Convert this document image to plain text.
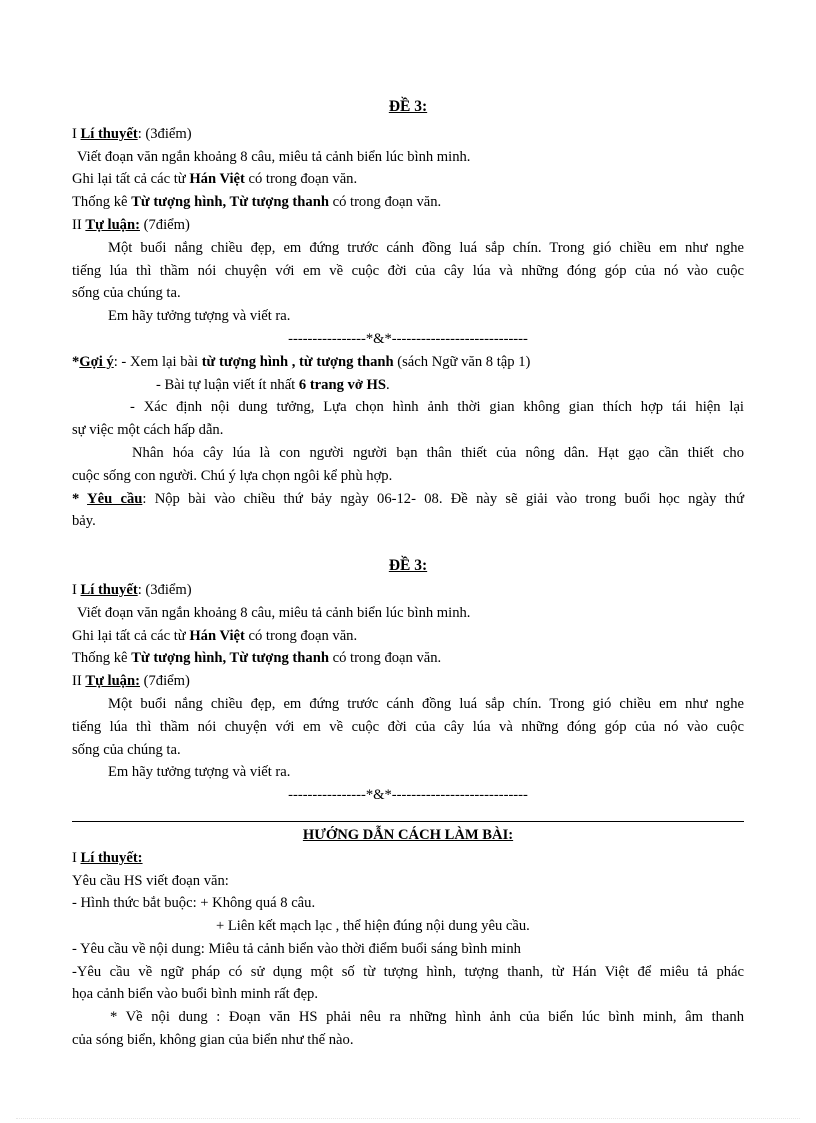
ĐỀ 3:
I Lí thuyết: (3điểm)
Viết đoạn văn ngắn khoảng 8 câu, miêu tả cảnh biển lúc bình minh.
Ghi lại tất cả các từ Hán Việt có trong đoạn văn.
Thống kê Từ tượng hình, Từ tượng thanh có trong đoạn văn.
II Tự luận: (7điểm)
Một buổi nắng chiều đẹp, em đứng trước cánh đồng luá sắp chín. Trong gió chiều em như nghe
tiếng lúa thì thầm nói chuyện với em về cuộc đời của cây lúa và những đóng góp của nó vào cuộc
sống của chúng ta.
Em hãy tưởng tượng và viết ra.
----------------*&*----------------------------
*Gợi ý: - Xem lại bài từ tượng hình , từ tượng thanh (sách Ngữ văn 8 tập 1)
- Bài tự luận viết ít nhất 6 trang vở HS.
- Xác định nội dung tưởng, Lựa chọn hình ảnh thời gian không gian thích hợp tái hiện lại
sự việc một cách hấp dẫn.
Nhân hóa cây lúa là con người người bạn thân thiết của nông dân. Hạt gạo cần thiết cho
cuộc sống con người. Chú ý lựa chọn ngôi kể phù hợp.
* Yêu cầu: Nộp bài vào chiều thứ bảy ngày 06-12- 08. Đề này sẽ giải vào trong buổi học ngày thứ
bảy.
ĐỀ 3:
I Lí thuyết: (3điểm)
Viết đoạn văn ngắn khoảng 8 câu, miêu tả cảnh biển lúc bình minh.
Ghi lại tất cả các từ Hán Việt có trong đoạn văn.
Thống kê Từ tượng hình, Từ tượng thanh có trong đoạn văn.
II Tự luận: (7điểm)
Một buổi nắng chiều đẹp, em đứng trước cánh đồng luá sắp chín. Trong gió chiều em như nghe
tiếng lúa thì thầm nói chuyện với em về cuộc đời của cây lúa và những đóng góp của nó vào cuộc
sống của chúng ta.
Em hãy tưởng tượng và viết ra.
----------------*&*----------------------------
HƯỚNG DẪN CÁCH LÀM BÀI:
I Lí thuyết:
Yêu cầu HS viết đoạn văn:
- Hình thức bắt buộc: + Không quá 8 câu.
+ Liên kết mạch lạc , thể hiện đúng nội dung yêu cầu.
- Yêu cầu về nội dung: Miêu tả cảnh biển vào thời điểm buổi sáng bình minh
-Yêu cầu về ngữ pháp có sử dụng một số từ tượng hình, tượng thanh, từ Hán Việt để miêu tả phác
họa cảnh biển vào buổi bình minh rất đẹp.
* Về nội dung : Đoạn văn HS phải nêu ra những hình ảnh của biển lúc bình minh, âm thanh
của sóng biển, không gian của biển như thế nào.
